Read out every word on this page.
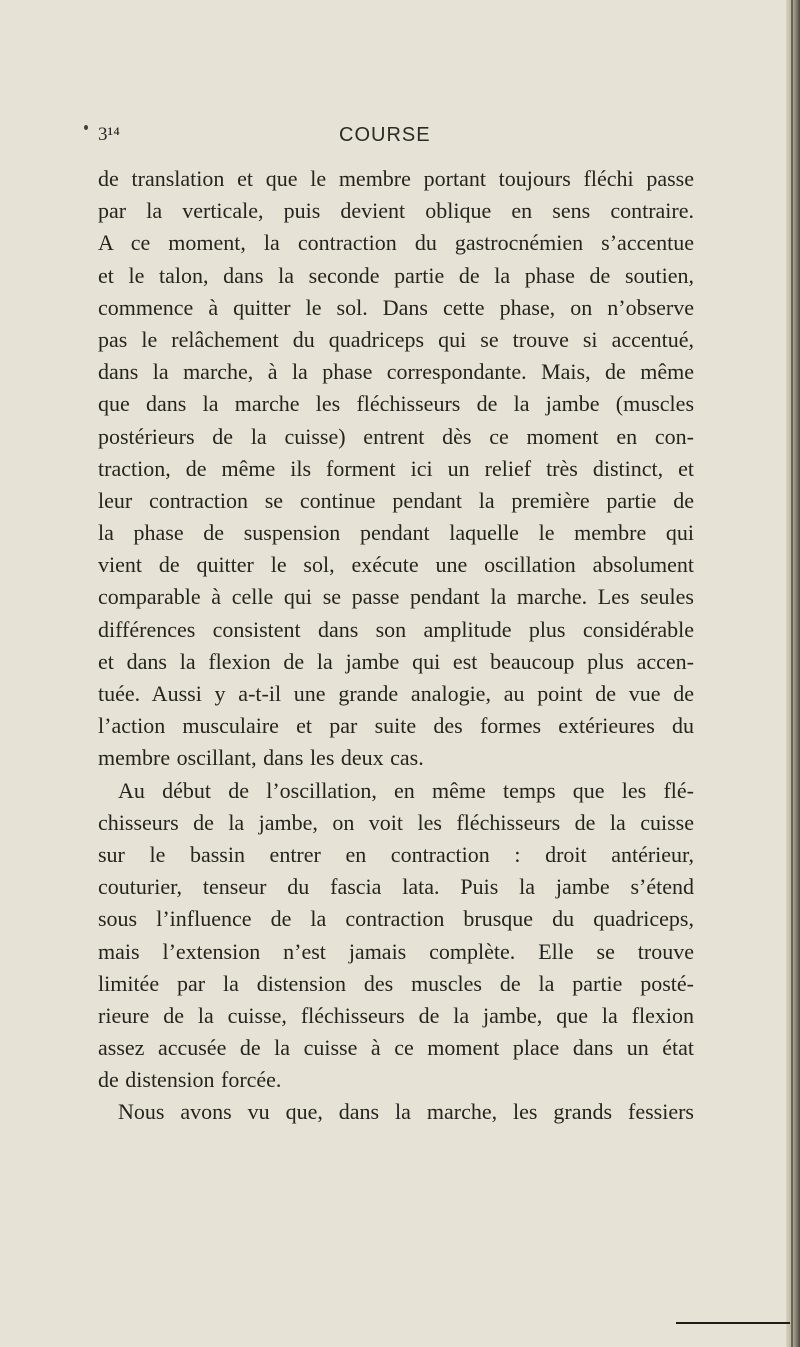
3¹⁴	COURSE
de translation et que le membre portant toujours fléchi passe
par la verticale, puis devient oblique en sens contraire.
A ce moment, la contraction du gastrocnémien s’accentue
et le talon, dans la seconde partie de la phase de soutien,
commence à quitter le sol. Dans cette phase, on n’observe
pas le relâchement du quadriceps qui se trouve si accentué,
dans la marche, à la phase correspondante. Mais, de même
que dans la marche les fléchisseurs de la jambe (muscles
postérieurs de la cuisse) entrent dès ce moment en con-
traction, de même ils forment ici un relief très distinct, et
leur contraction se continue pendant la première partie de
la phase de suspension pendant laquelle le membre qui
vient de quitter le sol, exécute une oscillation absolument
comparable à celle qui se passe pendant la marche. Les seules
différences consistent dans son amplitude plus considérable
et dans la flexion de la jambe qui est beaucoup plus accen-
tuée. Aussi y a-t-il une grande analogie, au point de vue de
l’action musculaire et par suite des formes extérieures du
membre oscillant, dans les deux cas.
Au début de l’oscillation, en même temps que les flé-
chisseurs de la jambe, on voit les fléchisseurs de la cuisse
sur le bassin entrer en contraction : droit antérieur,
couturier, tenseur du fascia lata. Puis la jambe s’étend
sous l’influence de la contraction brusque du quadriceps,
mais l’extension n’est jamais complète. Elle se trouve
limitée par la distension des muscles de la partie posté-
rieure de la cuisse, fléchisseurs de la jambe, que la flexion
assez accusée de la cuisse à ce moment place dans un état
de distension forcée.
Nous avons vu que, dans la marche, les grands fessiers
